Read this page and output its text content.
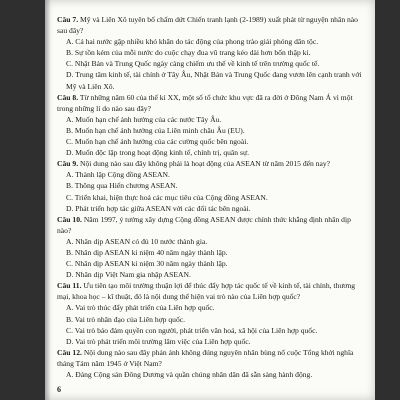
Câu 7. Mỹ và Liên Xô tuyên bố chấm dứt Chiến tranh lạnh (2-1989) xuất phát từ nguyện nhân nào sau đây?

A. Cả hai nước gặp nhiều khó khăn do tác động của phong trào giải phóng dân tộc.

B. Sự tồn kém của mỗi nước do cuộc chạy đua vũ trang kéo dài hơn bốn thập kỉ.

C. Nhật Bản và Trung Quốc ngày càng chiếm ưu thế về kinh tế trên trường quốc tế.

D. Trung tâm kinh tế, tài chính ở Tây Âu, Nhật Bản và Trung Quốc đang vươn lên cạnh tranh với Mỹ và Liên Xô.

Câu 8. Từ những năm 60 của thế kỉ XX, một số tổ chức khu vực đã ra đời ở Đông Nam Á vì một trong những lí do nào sau đây?

A. Muốn hạn chế ảnh hưởng của các nước Tây Âu.

B. Muốn hạn chế ảnh hưởng của Liên minh châu Âu (EU).

C. Muốn hạn chế ảnh hưởng của các cường quốc bên ngoài.

D. Muốn độc lập trong hoạt động kinh tế, chính trị, quân sự.

Câu 9. Nội dung nào sau đây không phải là hoạt động của ASEAN từ năm 2015 đến nay?

A. Thành lập Cộng đồng ASEAN.

B. Thông qua Hiến chương ASEAN.

C. Triển khai, hiện thực hoá các mục tiêu của Cộng đồng ASEAN.

D. Phát triển hợp tác giữa ASEAN với các đối tác bên ngoài.

Câu 10. Năm 1997, ý tưởng xây dựng Cộng đồng ASEAN được chính thức khẳng định nhân dịp nào?

A. Nhân dịp ASEAN có đủ 10 nước thành gia.

B. Nhân dịp ASEAN kỉ niệm 40 năm ngày thành lập.

C. Nhân dịp ASEAN kỉ niệm 30 năm ngày thành lập.

D. Nhân dịp Việt Nam gia nhập ASEAN.

Câu 11. Ưu tiên tạo môi trường thuận lợi để thúc đẩy hợp tác quốc tế về kinh tế, tài chính, thương mại, khoa học – kĩ thuật, đó là nội dung thể hiện vai trò nào của Liên hợp quốc?

A. Vai trò thúc đẩy phát triển của Liên hợp quốc.

B. Vai trò nhân đạo của Liên hợp quốc.

C. Vai trò bảo đảm quyền con người, phát triển văn hoá, xã hội của Liên hợp quốc.

D. Vai trò phát triển môi trường lâm việc của Liên hợp quốc.

Câu 12. Nội dung nào sau đây phản ánh không đúng nguyên nhân bùng nổ cuộc Tổng khởi nghĩa tháng Tám năm 1945 ở Việt Nam?

A. Đảng Cộng sản Đông Dương và quần chúng nhân dân đã sẵn sàng hành động.

6
